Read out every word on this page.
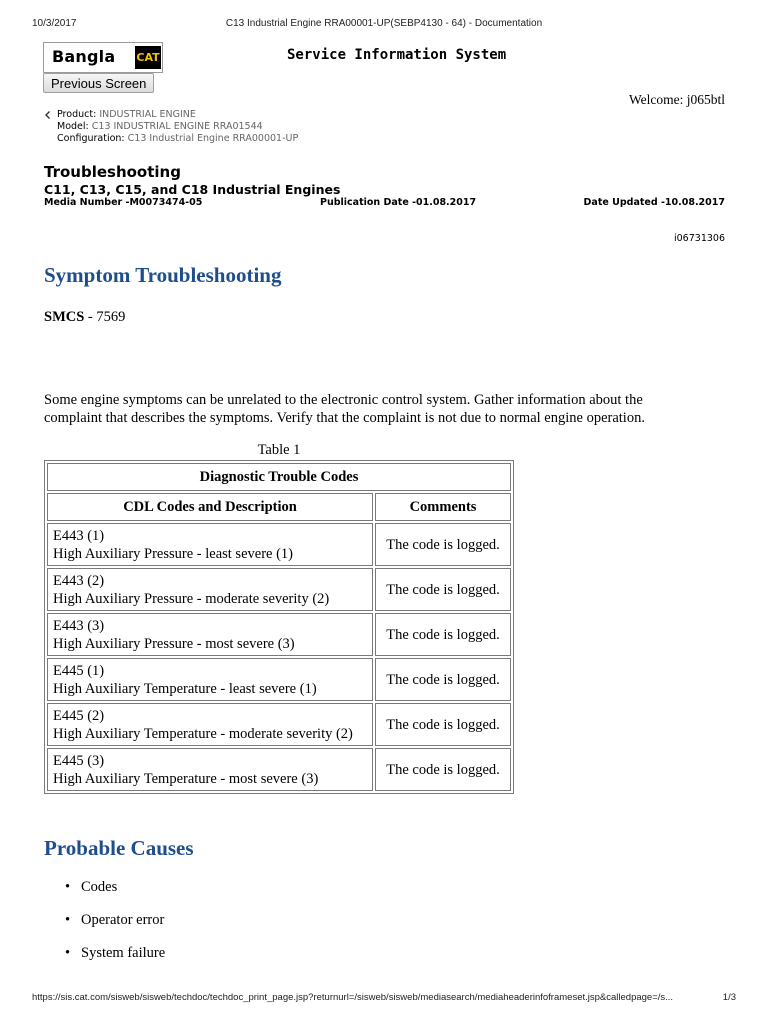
10/3/2017	C13 Industrial Engine RRA00001-UP(SEBP4130 - 64) - Documentation
Bangla CAT
Previous Screen
Service Information System
Welcome: j065btl
Product: INDUSTRIAL ENGINE
Model: C13 INDUSTRIAL ENGINE RRA01544
Configuration: C13 Industrial Engine RRA00001-UP
Troubleshooting
C11, C13, C15, and C18 Industrial Engines
Media Number -M0073474-05	Publication Date -01.08.2017	Date Updated -10.08.2017
i06731306
Symptom Troubleshooting
SMCS - 7569
Some engine symptoms can be unrelated to the electronic control system. Gather information about the complaint that describes the symptoms. Verify that the complaint is not due to normal engine operation.
Table 1
Diagnostic Trouble Codes	
CDL Codes and Description	Comments
E443 (1)
High Auxiliary Pressure - least severe (1)	The code is logged.
E443 (2)
High Auxiliary Pressure - moderate severity (2)	The code is logged.
E443 (3)
High Auxiliary Pressure - most severe (3)	The code is logged.
E445 (1)
High Auxiliary Temperature - least severe (1)	The code is logged.
E445 (2)
High Auxiliary Temperature - moderate severity (2)	The code is logged.
E445 (3)
High Auxiliary Temperature - most severe (3)	The code is logged.
Probable Causes
• Codes
• Operator error
• System failure
https://sis.cat.com/sisweb/sisweb/techdoc/techdoc_print_page.jsp?returnurl=/sisweb/sisweb/mediasearch/mediaheaderinfoframeset.jsp&calledpage=/s...	1/3
